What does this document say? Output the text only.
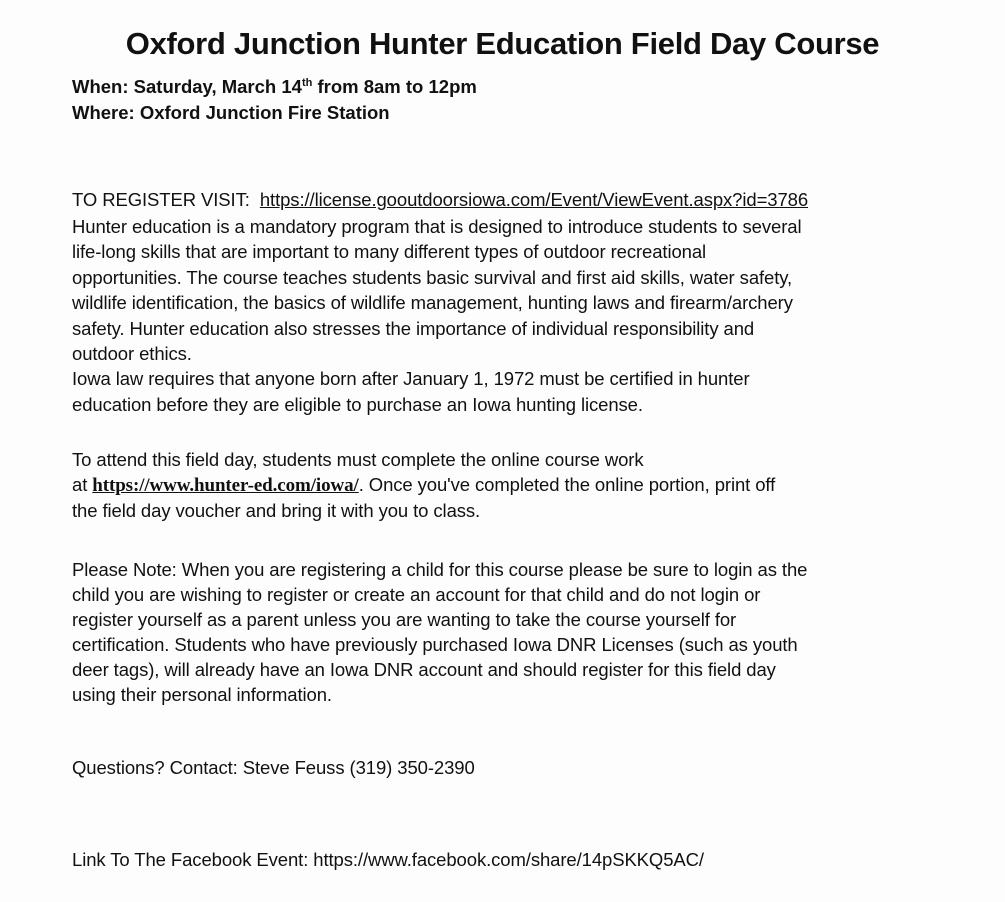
Oxford Junction Hunter Education Field Day Course
When: Saturday, March 14th from 8am to 12pm
Where: Oxford Junction Fire Station
TO REGISTER VISIT:  https://license.gooutdoorsiowa.com/Event/ViewEvent.aspx?id=3786
Hunter education is a mandatory program that is designed to introduce students to several
life-long skills that are important to many different types of outdoor recreational
opportunities. The course teaches students basic survival and first aid skills, water safety,
wildlife identification, the basics of wildlife management, hunting laws and firearm/archery
safety. Hunter education also stresses the importance of individual responsibility and
outdoor ethics.
Iowa law requires that anyone born after January 1, 1972 must be certified in hunter
education before they are eligible to purchase an Iowa hunting license.
To attend this field day, students must complete the online course work
at https://www.hunter-ed.com/iowa/. Once you've completed the online portion, print off
the field day voucher and bring it with you to class.
Please Note: When you are registering a child for this course please be sure to login as the
child you are wishing to register or create an account for that child and do not login or
register yourself as a parent unless you are wanting to take the course yourself for
certification. Students who have previously purchased Iowa DNR Licenses (such as youth
deer tags), will already have an Iowa DNR account and should register for this field day
using their personal information.
Questions? Contact: Steve Feuss (319) 350-2390
Link To The Facebook Event: https://www.facebook.com/share/14pSKKQ5AC/
